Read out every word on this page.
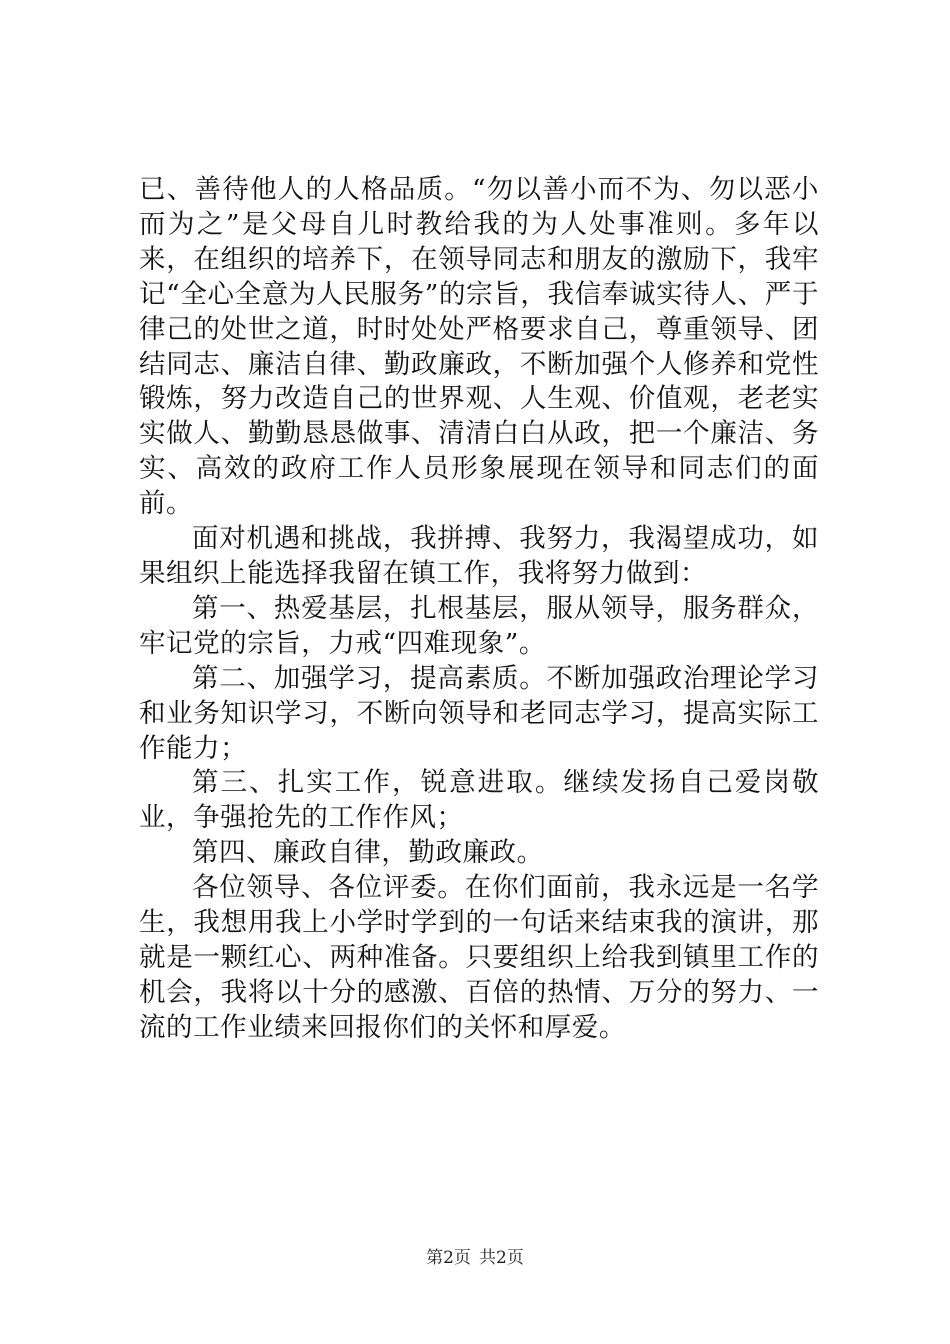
已、善待他人的人格品质。“勿以善小而不为、勿以恶小而为之”是父母自儿时教给我的为人处事准则。多年以来，在组织的培养下，在领导同志和朋友的激励下，我牢记“全心全意为人民服务”的宗旨，我信奉诚实待人、严于律己的处世之道，时时处处严格要求自己，尊重领导、团结同志、廉洁自律、勤政廉政，不断加强个人修养和党性锻炼，努力改造自己的世界观、人生观、价值观，老老实实做人、勤勤恳恳做事、清清白白从政，把一个廉洁、务实、高效的政府工作人员形象展现在领导和同志们的面前。

面对机遇和挑战，我拼搏、我努力，我渴望成功，如果组织上能选择我留在镇工作，我将努力做到：

第一、热爱基层，扎根基层，服从领导，服务群众，牢记党的宗旨，力戒“四难现象”。

第二、加强学习，提高素质。不断加强政治理论学习和业务知识学习，不断向领导和老同志学习，提高实际工作能力；

第三、扎实工作，锐意进取。继续发扬自己爱岗敬业，争强抢先的工作作风；

第四、廉政自律，勤政廉政。

各位领导、各位评委。在你们面前，我永远是一名学生，我想用我上小学时学到的一句话来结束我的演讲，那就是一颗红心、两种准备。只要组织上给我到镇里工作的机会，我将以十分的感激、百倍的热情、万分的努力、一流的工作业绩来回报你们的关怀和厚爱。

第2页 共2页
